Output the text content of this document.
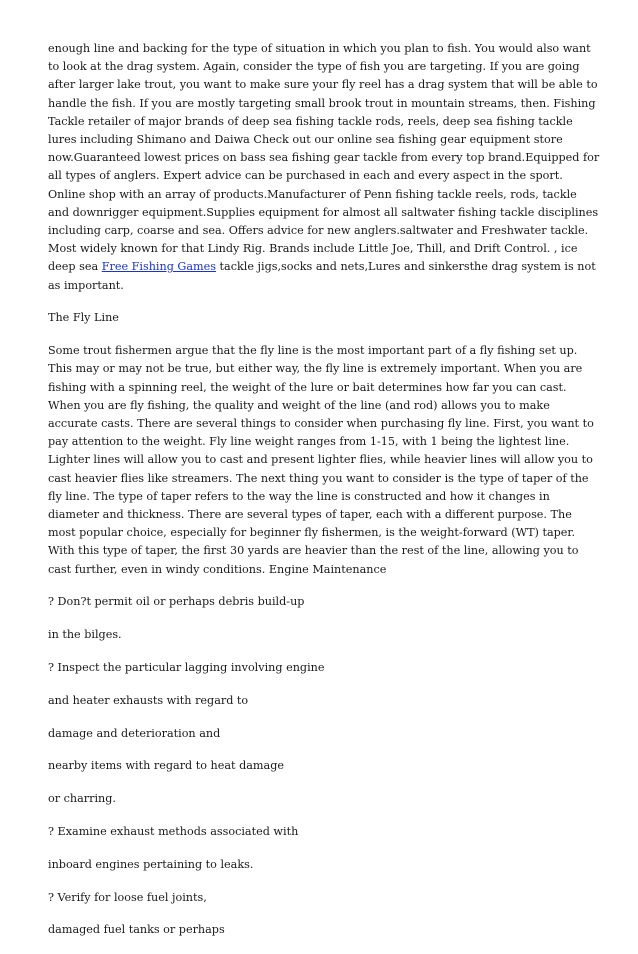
enough line and backing for the type of situation in which you plan to fish. You would also want to look at the drag system. Again, consider the type of fish you are targeting. If you are going after larger lake trout, you want to make sure your fly reel has a drag system that will be able to handle the fish. If you are mostly targeting small brook trout in mountain streams, then. Fishing Tackle retailer of major brands of deep sea fishing tackle rods, reels, deep sea fishing tackle lures including Shimano and Daiwa Check out our online sea fishing gear equipment store now.Guaranteed lowest prices on bass sea fishing gear tackle from every top brand.Equipped for all types of anglers. Expert advice can be purchased in each and every aspect in the sport. Online shop with an array of products.Manufacturer of Penn fishing tackle reels, rods, tackle and downrigger equipment.Supplies equipment for almost all saltwater fishing tackle disciplines including carp, coarse and sea. Offers advice for new anglers.saltwater and Freshwater tackle. Most widely known for that Lindy Rig. Brands include Little Joe, Thill, and Drift Control. , ice deep sea Free Fishing Games tackle jigs,socks and nets,Lures and sinkersthe drag system is not as important.

The Fly Line

Some trout fishermen argue that the fly line is the most important part of a fly fishing set up. This may or may not be true, but either way, the fly line is extremely important. When you are fishing with a spinning reel, the weight of the lure or bait determines how far you can cast. When you are fly fishing, the quality and weight of the line (and rod) allows you to make accurate casts. There are several things to consider when purchasing fly line. First, you want to pay attention to the weight. Fly line weight ranges from 1-15, with 1 being the lightest line. Lighter lines will allow you to cast and present lighter flies, while heavier lines will allow you to cast heavier flies like streamers. The next thing you want to consider is the type of taper of the fly line. The type of taper refers to the way the line is constructed and how it changes in diameter and thickness. There are several types of taper, each with a different purpose. The most popular choice, especially for beginner fly fishermen, is the weight-forward (WT) taper. With this type of taper, the first 30 yards are heavier than the rest of the line, allowing you to cast further, even in windy conditions. Engine Maintenance

? Don?t permit oil or perhaps debris build-up

in the bilges.

? Inspect the particular lagging involving engine

and heater exhausts with regard to

damage and deterioration and

nearby items with regard to heat damage

or charring.

? Examine exhaust methods associated with

inboard engines pertaining to leaks.

? Verify for loose fuel joints,

damaged fuel tanks or perhaps
